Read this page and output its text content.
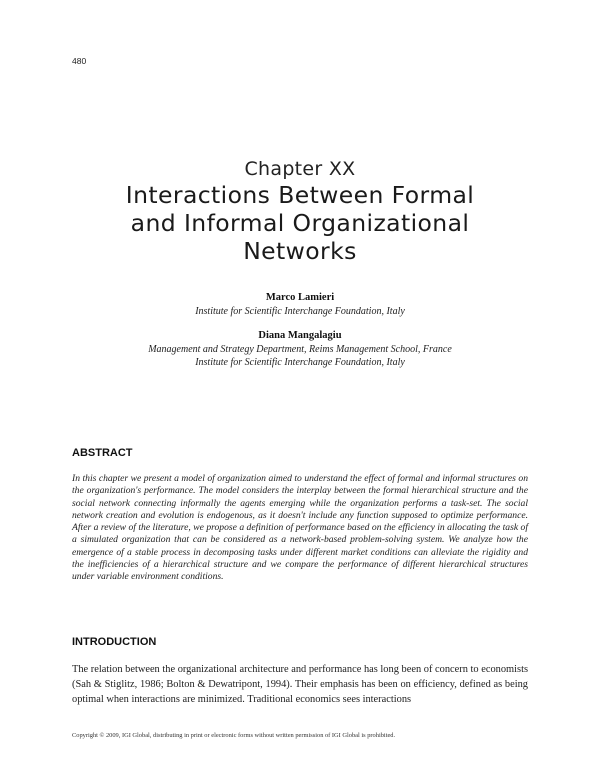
480
Chapter XX
Interactions Between Formal
and Informal Organizational
Networks
Marco Lamieri
Institute for Scientific Interchange Foundation, Italy
Diana Mangalagiu
Management and Strategy Department, Reims Management School, France
Institute for Scientific Interchange Foundation, Italy
ABSTRACT
In this chapter we present a model of organization aimed to understand the effect of formal and informal structures on the organization's performance. The model considers the interplay between the formal hierarchical structure and the social network connecting informally the agents emerging while the organization performs a task-set. The social network creation and evolution is endogenous, as it doesn't include any function supposed to optimize performance. After a review of the literature, we propose a definition of performance based on the efficiency in allocating the task of a simulated organization that can be considered as a network-based problem-solving system. We analyze how the emergence of a stable process in decomposing tasks under different market conditions can alleviate the rigidity and the inefficiencies of a hierarchical structure and we compare the performance of different hierarchical structures under variable environment conditions.
INTRODUCTION
The relation between the organizational architecture and performance has long been of concern to economists (Sah & Stiglitz, 1986; Bolton & Dewatripont, 1994). Their emphasis has been on efficiency, defined as being optimal when interactions are minimized. Traditional economics sees interactions
Copyright © 2009, IGI Global, distributing in print or electronic forms without written permission of IGI Global is prohibited.
